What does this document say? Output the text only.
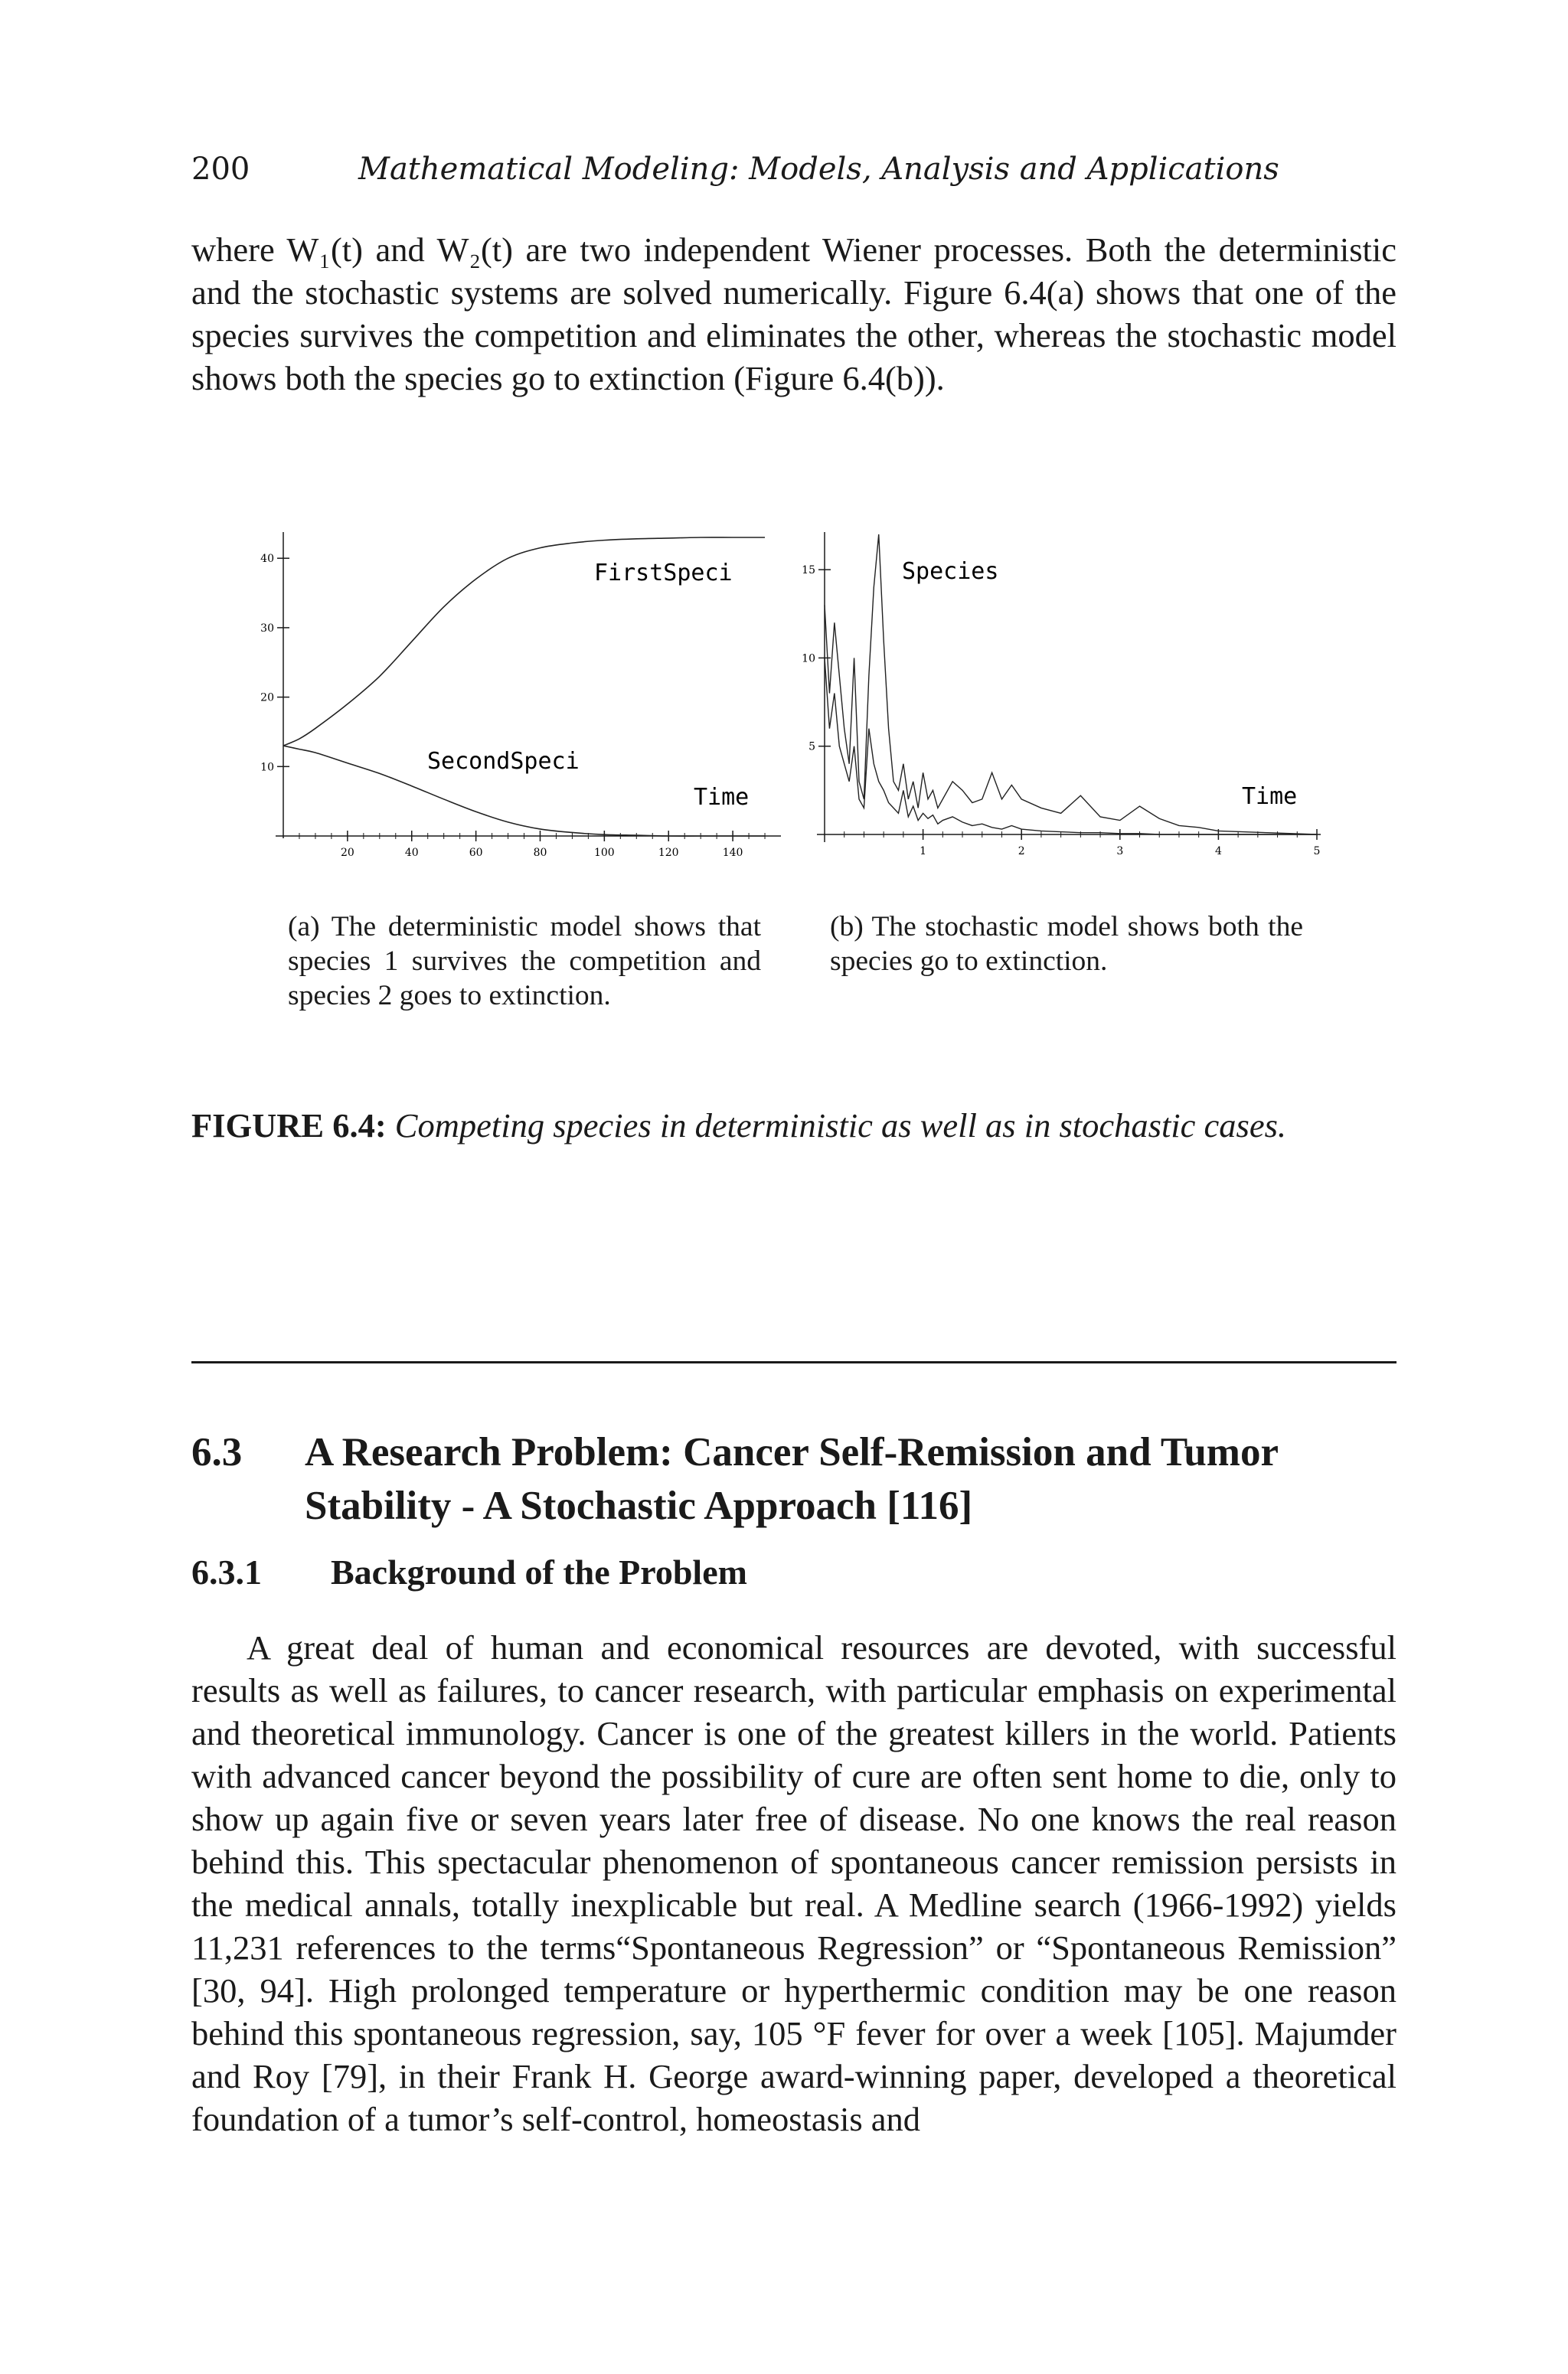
200	Mathematical Modeling: Models, Analysis and Applications
where W₁(t) and W₂(t) are two independent Wiener processes. Both the deterministic and the stochastic systems are solved numerically. Figure 6.4(a) shows that one of the species survives the competition and eliminates the other, whereas the stochastic model shows both the species go to extinction (Figure 6.4(b)).
10
20
30
40
20	40	60	80	100	120	140
FirstSpeci
SecondSpeci
Time
5
10
15
1	2	3	4	5
Species
Time
(a) The deterministic model shows that species 1 survives the competition and species 2 goes to extinction.
(b) The stochastic model shows both the species go to extinction.
FIGURE 6.4: Competing species in deterministic as well as in stochastic cases.
6.3 A Research Problem: Cancer Self-Remission and Tumor Stability - A Stochastic Approach [116]
6.3.1 Background of the Problem
A great deal of human and economical resources are devoted, with successful results as well as failures, to cancer research, with particular emphasis on experimental and theoretical immunology. Cancer is one of the greatest killers in the world. Patients with advanced cancer beyond the possibility of cure are often sent home to die, only to show up again five or seven years later free of disease. No one knows the real reason behind this. This spectacular phenomenon of spontaneous cancer remission persists in the medical annals, totally inexplicable but real. A Medline search (1966-1992) yields 11,231 references to the terms“Spontaneous Regression” or “Spontaneous Remission” [30, 94]. High prolonged temperature or hyperthermic condition may be one reason behind this spontaneous regression, say, 105 °F fever for over a week [105]. Majumder and Roy [79], in their Frank H. George award-winning paper, developed a theoretical foundation of a tumor’s self-control, homeostasis and
